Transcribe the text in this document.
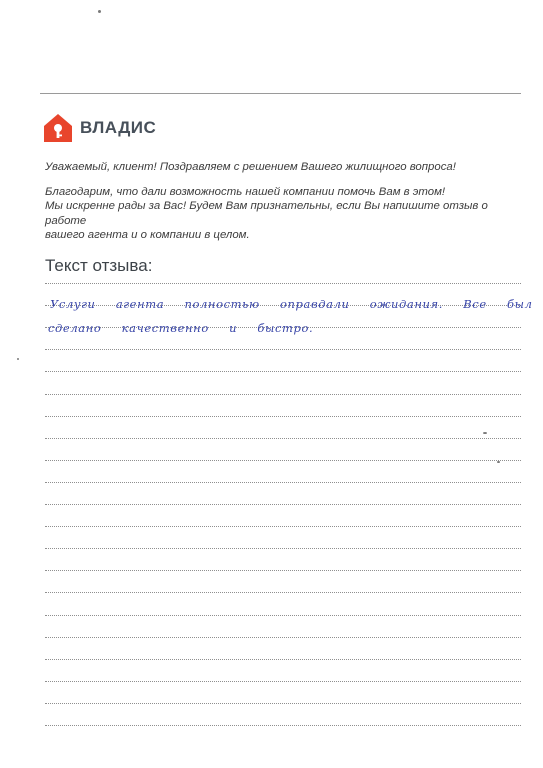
ВЛАДИС

Уважаемый, клиент! Поздравляем с решением Вашего жилищного вопроса!

Благодарим, что дали возможность нашей компании помочь Вам в этом!

Мы искренне рады за Вас! Будем Вам признательны, если Вы напишите отзыв о работе

вашего агента и о компании в целом.

Текст отзыва:
Услуги агента полностью оправдали ожидания. Все был
сделано качественно и быстро.
